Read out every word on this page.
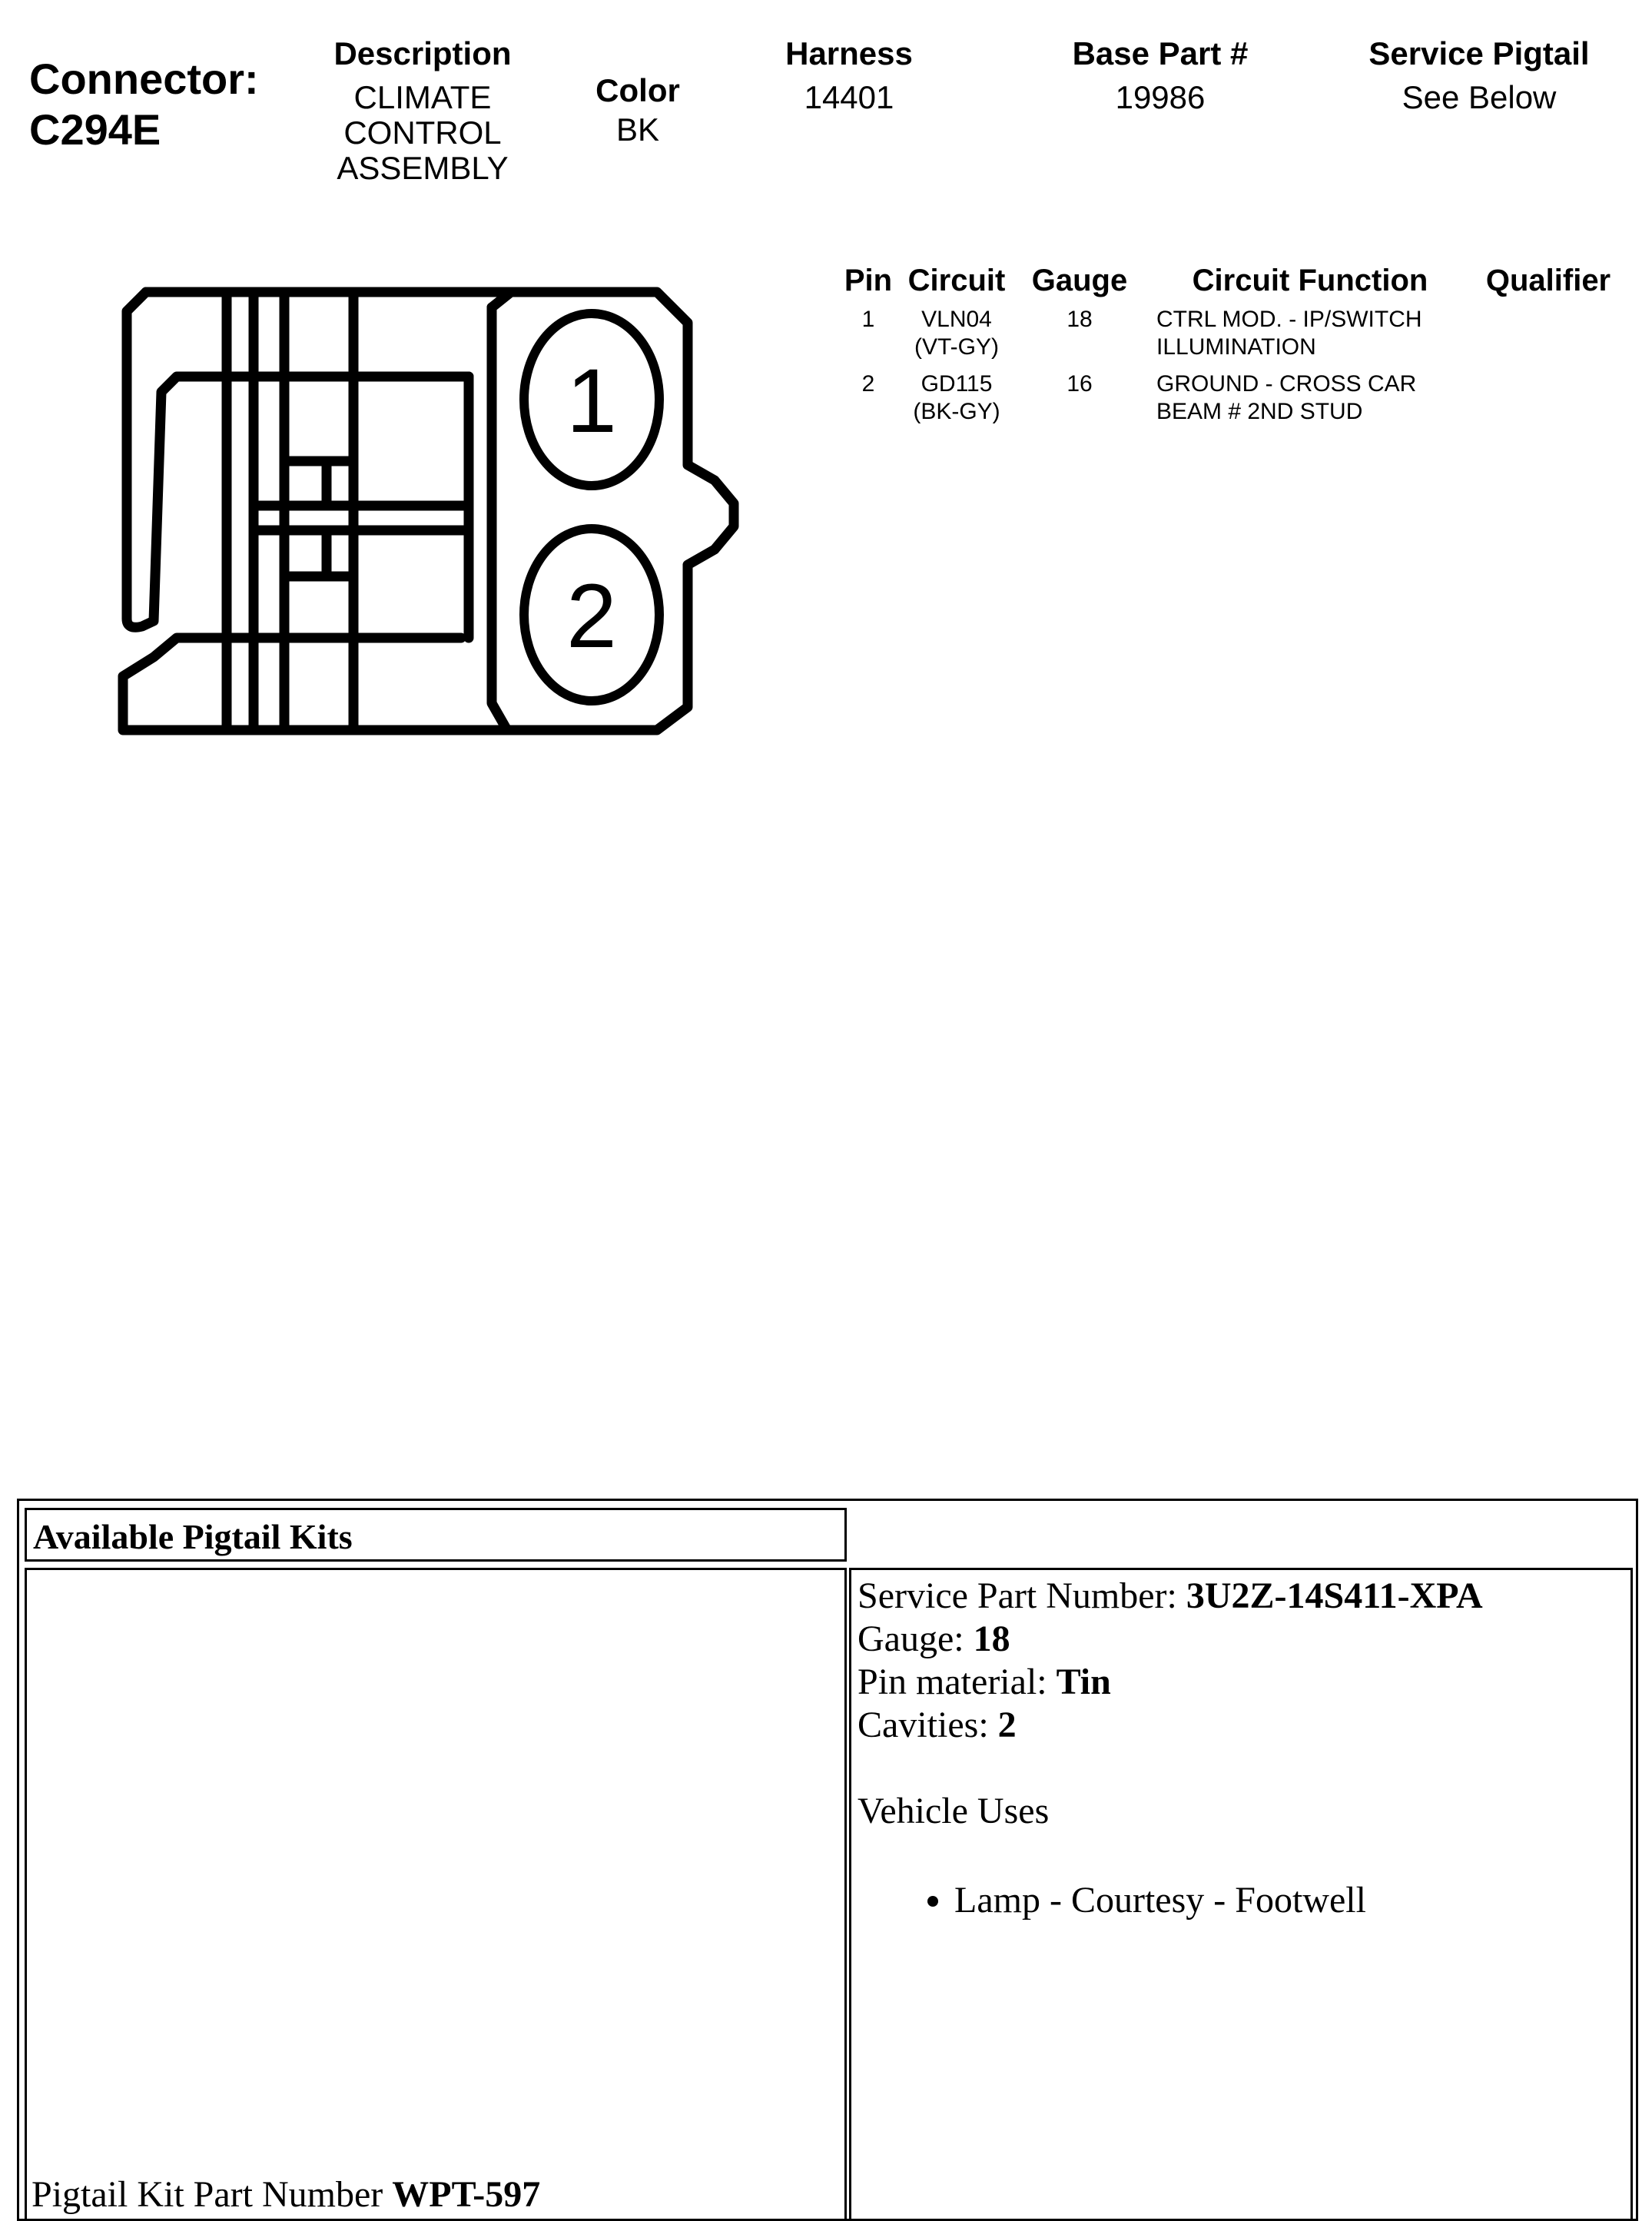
Connector:
C294E
Description
CLIMATE CONTROL ASSEMBLY
Color
BK
Harness
14401
Base Part #
19986
Service Pigtail
See Below
1
2
Pin	Circuit	Gauge	Circuit Function	Qualifier
1	VLN04 (VT-GY)	18	CTRL MOD. - IP/SWITCH ILLUMINATION	
2	GD115 (BK-GY)	16	GROUND - CROSS CAR BEAM # 2ND STUD	
Available Pigtail Kits
Pigtail Kit Part Number WPT-597
Service Part Number: 3U2Z-14S411-XPA
Gauge: 18
Pin material: Tin
Cavities: 2
Vehicle Uses
• Lamp - Courtesy - Footwell
